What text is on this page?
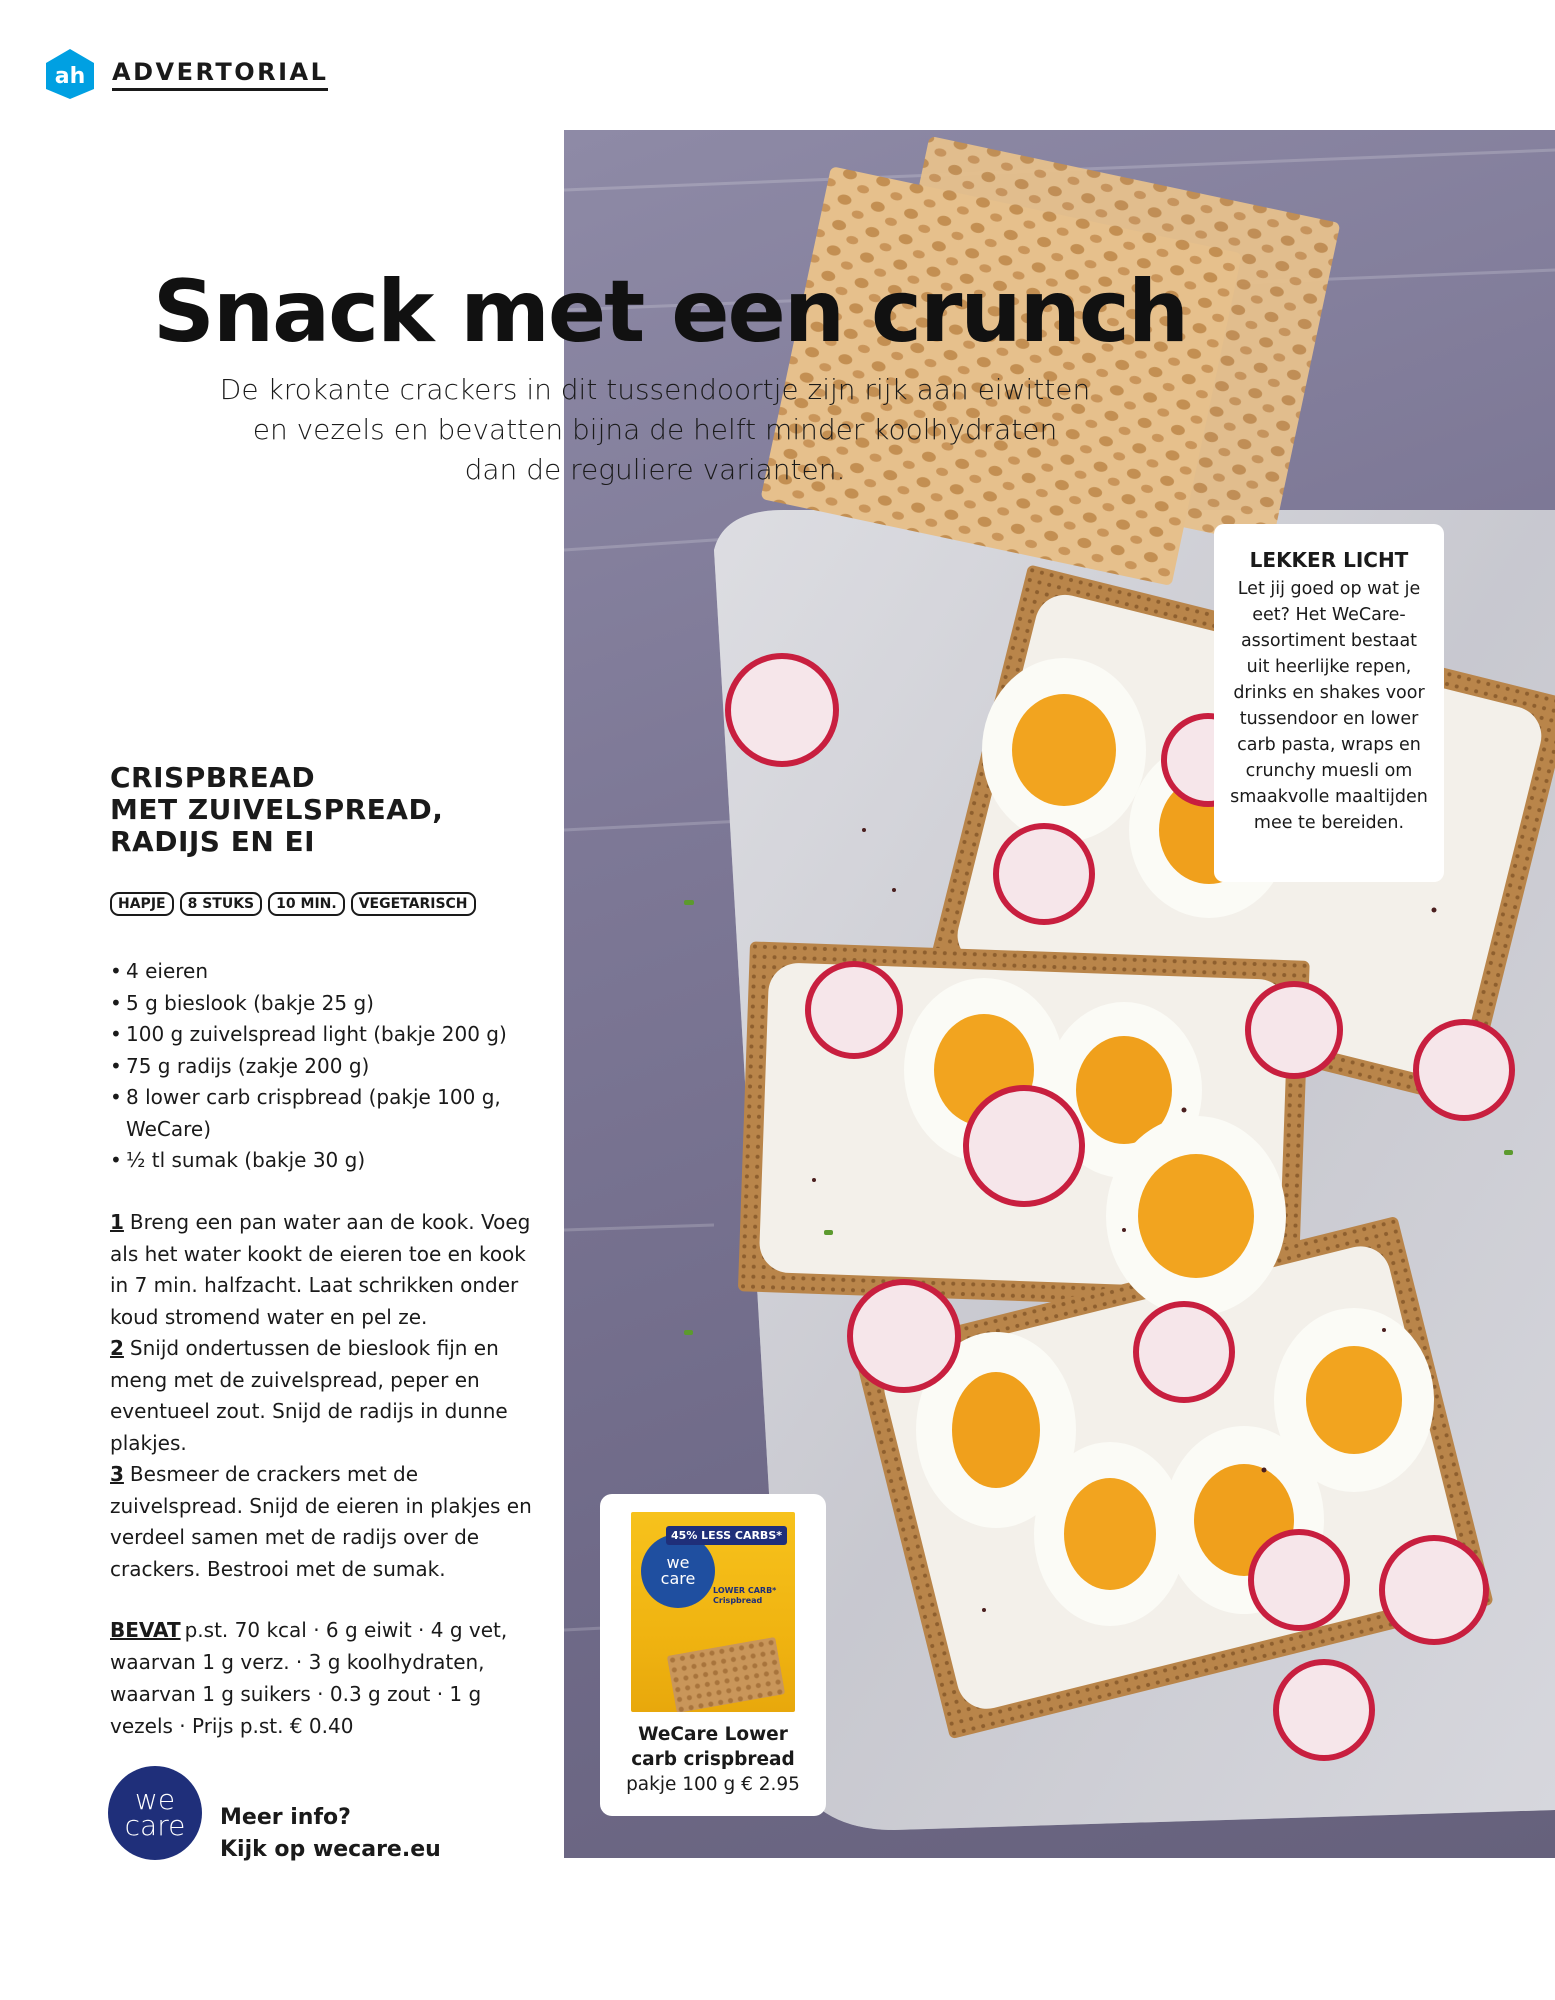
ah ADVERTORIAL
Snack met een crunch
De krokante crackers in dit tussendoortje zijn rijk aan eiwitten
en vezels en bevatten bijna de helft minder koolhydraten
dan de reguliere varianten.
CRISPBREAD
MET ZUIVELSPREAD,
RADIJS EN EI
HAPJE	8 STUKS	10 MIN.	VEGETARISCH
• 4 eieren
• 5 g bieslook (bakje 25 g)
• 100 g zuivelspread light (bakje 200 g)
• 75 g radijs (zakje 200 g)
• 8 lower carb crispbread (pakje 100 g, WeCare)
• ½ tl sumak (bakje 30 g)

1 Breng een pan water aan de kook. Voeg als het water kookt de eieren toe en kook in 7 min. halfzacht. Laat schrikken onder koud stromend water en pel ze.

2 Snijd ondertussen de bieslook fijn en meng met de zuivelspread, peper en eventueel zout. Snijd de radijs in dunne plakjes.

3 Besmeer de crackers met de zuivelspread. Snijd de eieren in plakjes en verdeel samen met de radijs over de crackers. Bestrooi met de sumak.

BEVAT p.st. 70 kcal · 6 g eiwit · 4 g vet, waarvan 1 g verz. · 3 g koolhydraten, waarvan 1 g suikers · 0.3 g zout · 1 g vezels · Prijs p.st. € 0.40

we
care Meer info?
Kijk op wecare.eu
LEKKER LICHT
Let jij goed op wat je eet? Het WeCare-assortiment bestaat uit heerlijke repen, drinks en shakes voor tussendoor en lower carb pasta, wraps en crunchy muesli om smaakvolle maaltijden mee te bereiden.
we
care
45% LESS CARBS*
LOWER CARB* Crispbread
WeCare Lower
carb crispbread
pakje 100 g € 2.95
